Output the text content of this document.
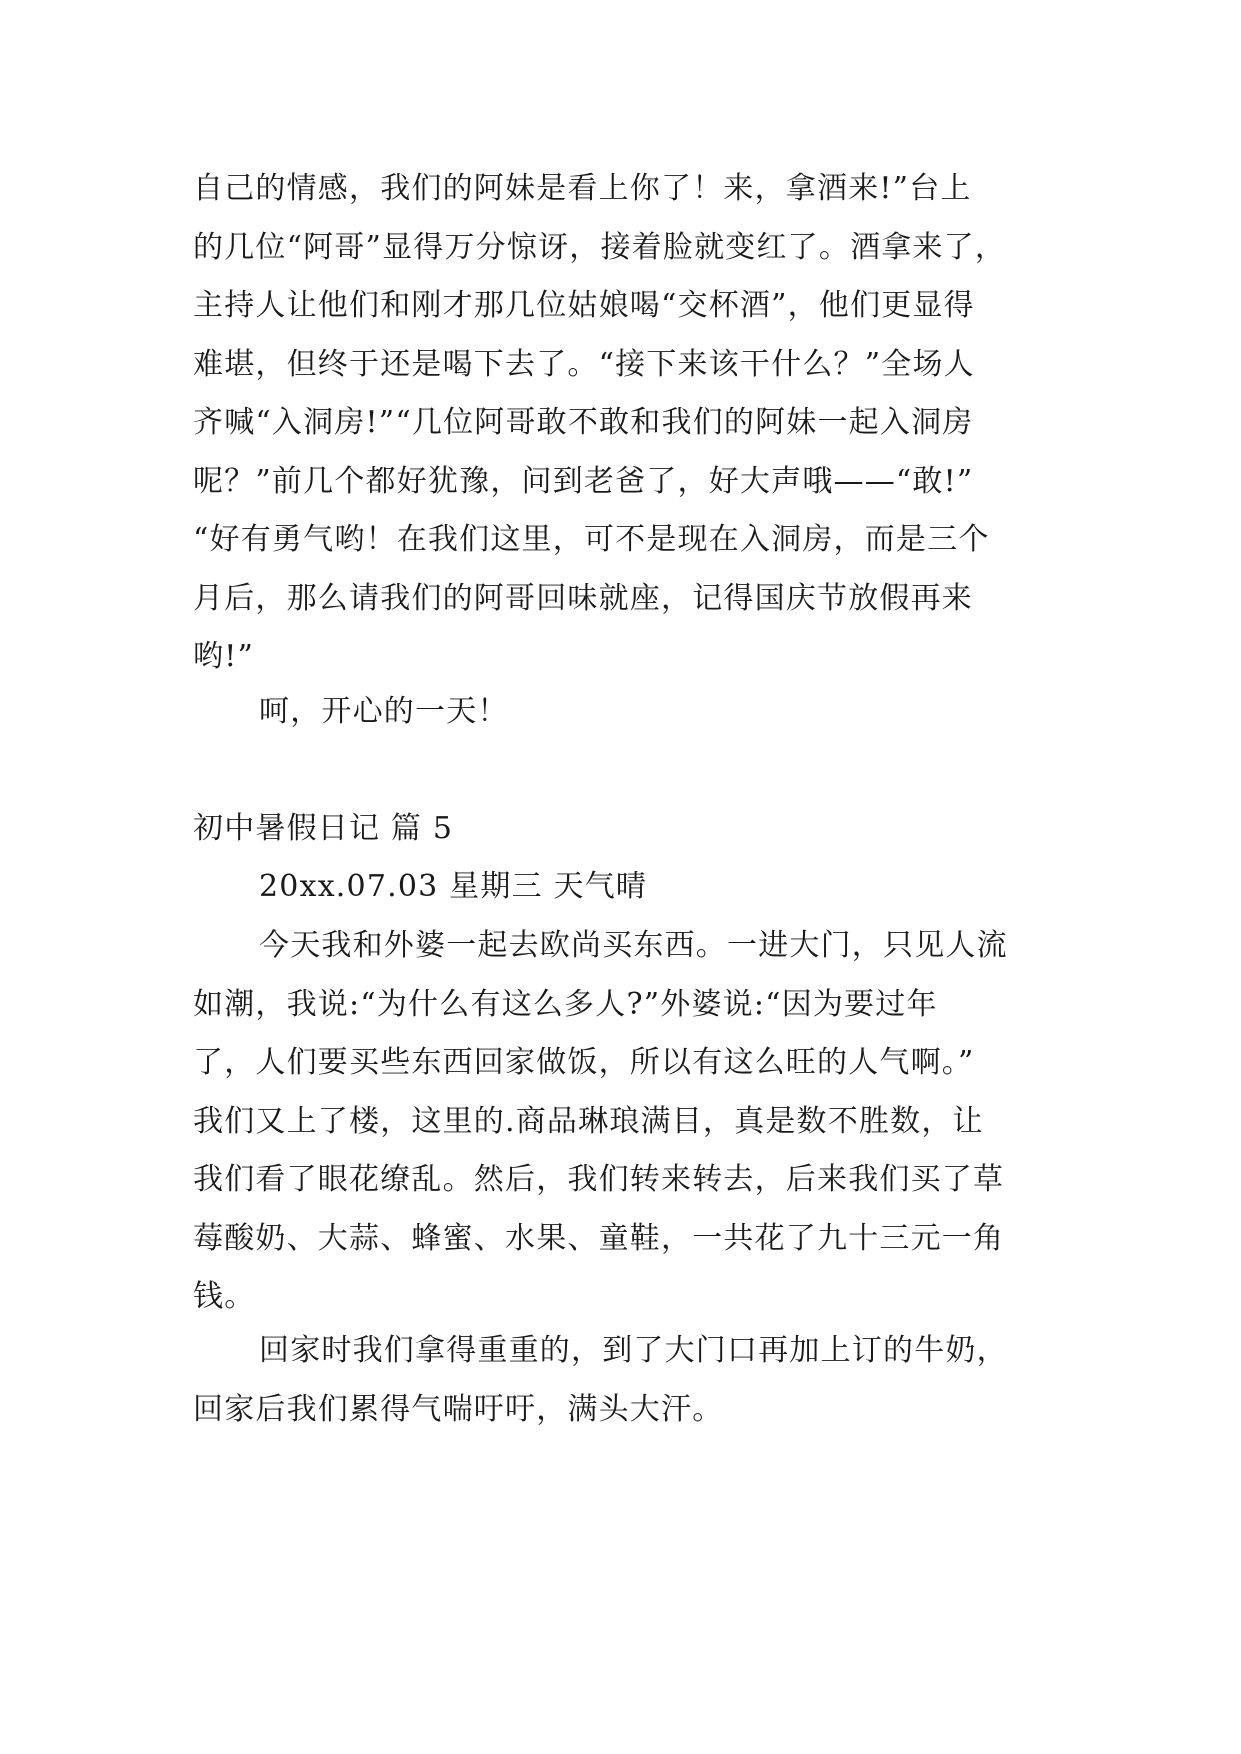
自己的情感，我们的阿妹是看上你了！来，拿酒来!”台上
的几位“阿哥”显得万分惊讶，接着脸就变红了。酒拿来了，
主持人让他们和刚才那几位姑娘喝“交杯酒”，他们更显得
难堪，但终于还是喝下去了。“接下来该干什么？”全场人
齐喊“入洞房!”“几位阿哥敢不敢和我们的阿妹一起入洞房
呢？”前几个都好犹豫，问到老爸了，好大声哦——“敢!”
“好有勇气哟！在我们这里，可不是现在入洞房，而是三个
月后，那么请我们的阿哥回味就座，记得国庆节放假再来
哟!”
呵，开心的一天！
初中暑假日记 篇 5
20xx.07.03 星期三 天气晴
今天我和外婆一起去欧尚买东西。一进大门，只见人流
如潮，我说:“为什么有这么多人?”外婆说:“因为要过年
了，人们要买些东西回家做饭，所以有这么旺的人气啊。”
我们又上了楼，这里的.商品琳琅满目，真是数不胜数，让
我们看了眼花缭乱。然后，我们转来转去，后来我们买了草
莓酸奶、大蒜、蜂蜜、水果、童鞋，一共花了九十三元一角
钱。
回家时我们拿得重重的，到了大门口再加上订的牛奶，
回家后我们累得气喘吁吁，满头大汗。
